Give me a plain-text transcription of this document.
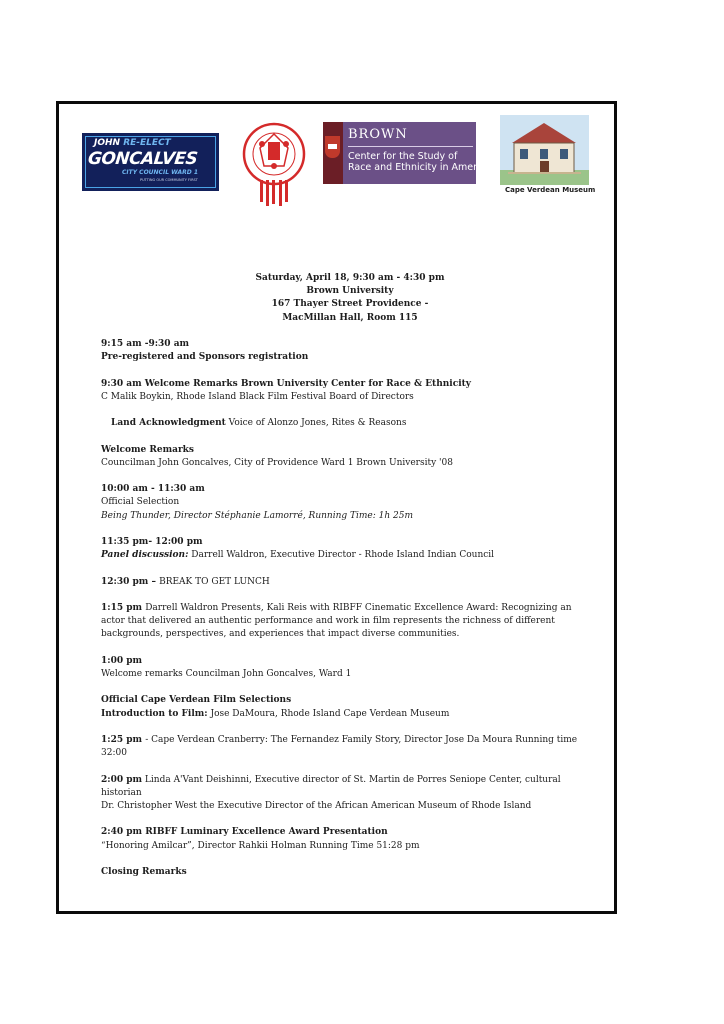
JOHN RE-ELECT
GONCALVES
CITY COUNCIL WARD 1
PUTTING OUR COMMUNITY FIRST
BROWN
Center for the Study of
Race and Ethnicity in America
Cape Verdean Museum
Saturday, April 18, 9:30 am - 4:30 pm
Brown University
167 Thayer Street Providence -
MacMillan Hall, Room 115

9:15 am -9:30 am
Pre-registered and Sponsors registration

9:30 am Welcome Remarks Brown University Center for Race & Ethnicity
C Malik Boykin, Rhode Island Black Film Festival Board of Directors

Land Acknowledgment Voice of Alonzo Jones, Rites & Reasons

Welcome Remarks
Councilman John Goncalves, City of Providence Ward 1 Brown University '08

10:00 am - 11:30 am
Official Selection
Being Thunder, Director Stéphanie Lamorré, Running Time: 1h 25m

11:35 pm- 12:00 pm
Panel discussion: Darrell Waldron, Executive Director - Rhode Island Indian Council

12:30 pm – BREAK TO GET LUNCH

1:15 pm Darrell Waldron Presents, Kali Reis with RIBFF Cinematic Excellence Award: Recognizing an actor that delivered an authentic performance and work in film represents the richness of different backgrounds, perspectives, and experiences that impact diverse communities.

1:00 pm
Welcome remarks Councilman John Goncalves, Ward 1

Official Cape Verdean Film Selections
Introduction to Film: Jose DaMoura, Rhode Island Cape Verdean Museum

1:25 pm - Cape Verdean Cranberry: The Fernandez Family Story, Director Jose Da Moura Running time 32:00

2:00 pm Linda A'Vant Deishinni, Executive director of St. Martin de Porres Seniope Center, cultural historian
Dr. Christopher West the Executive Director of the African American Museum of Rhode Island

2:40 pm RIBFF Luminary Excellence Award Presentation
“Honoring Amilcar”, Director Rahkii Holman Running Time 51:28 pm

Closing Remarks
